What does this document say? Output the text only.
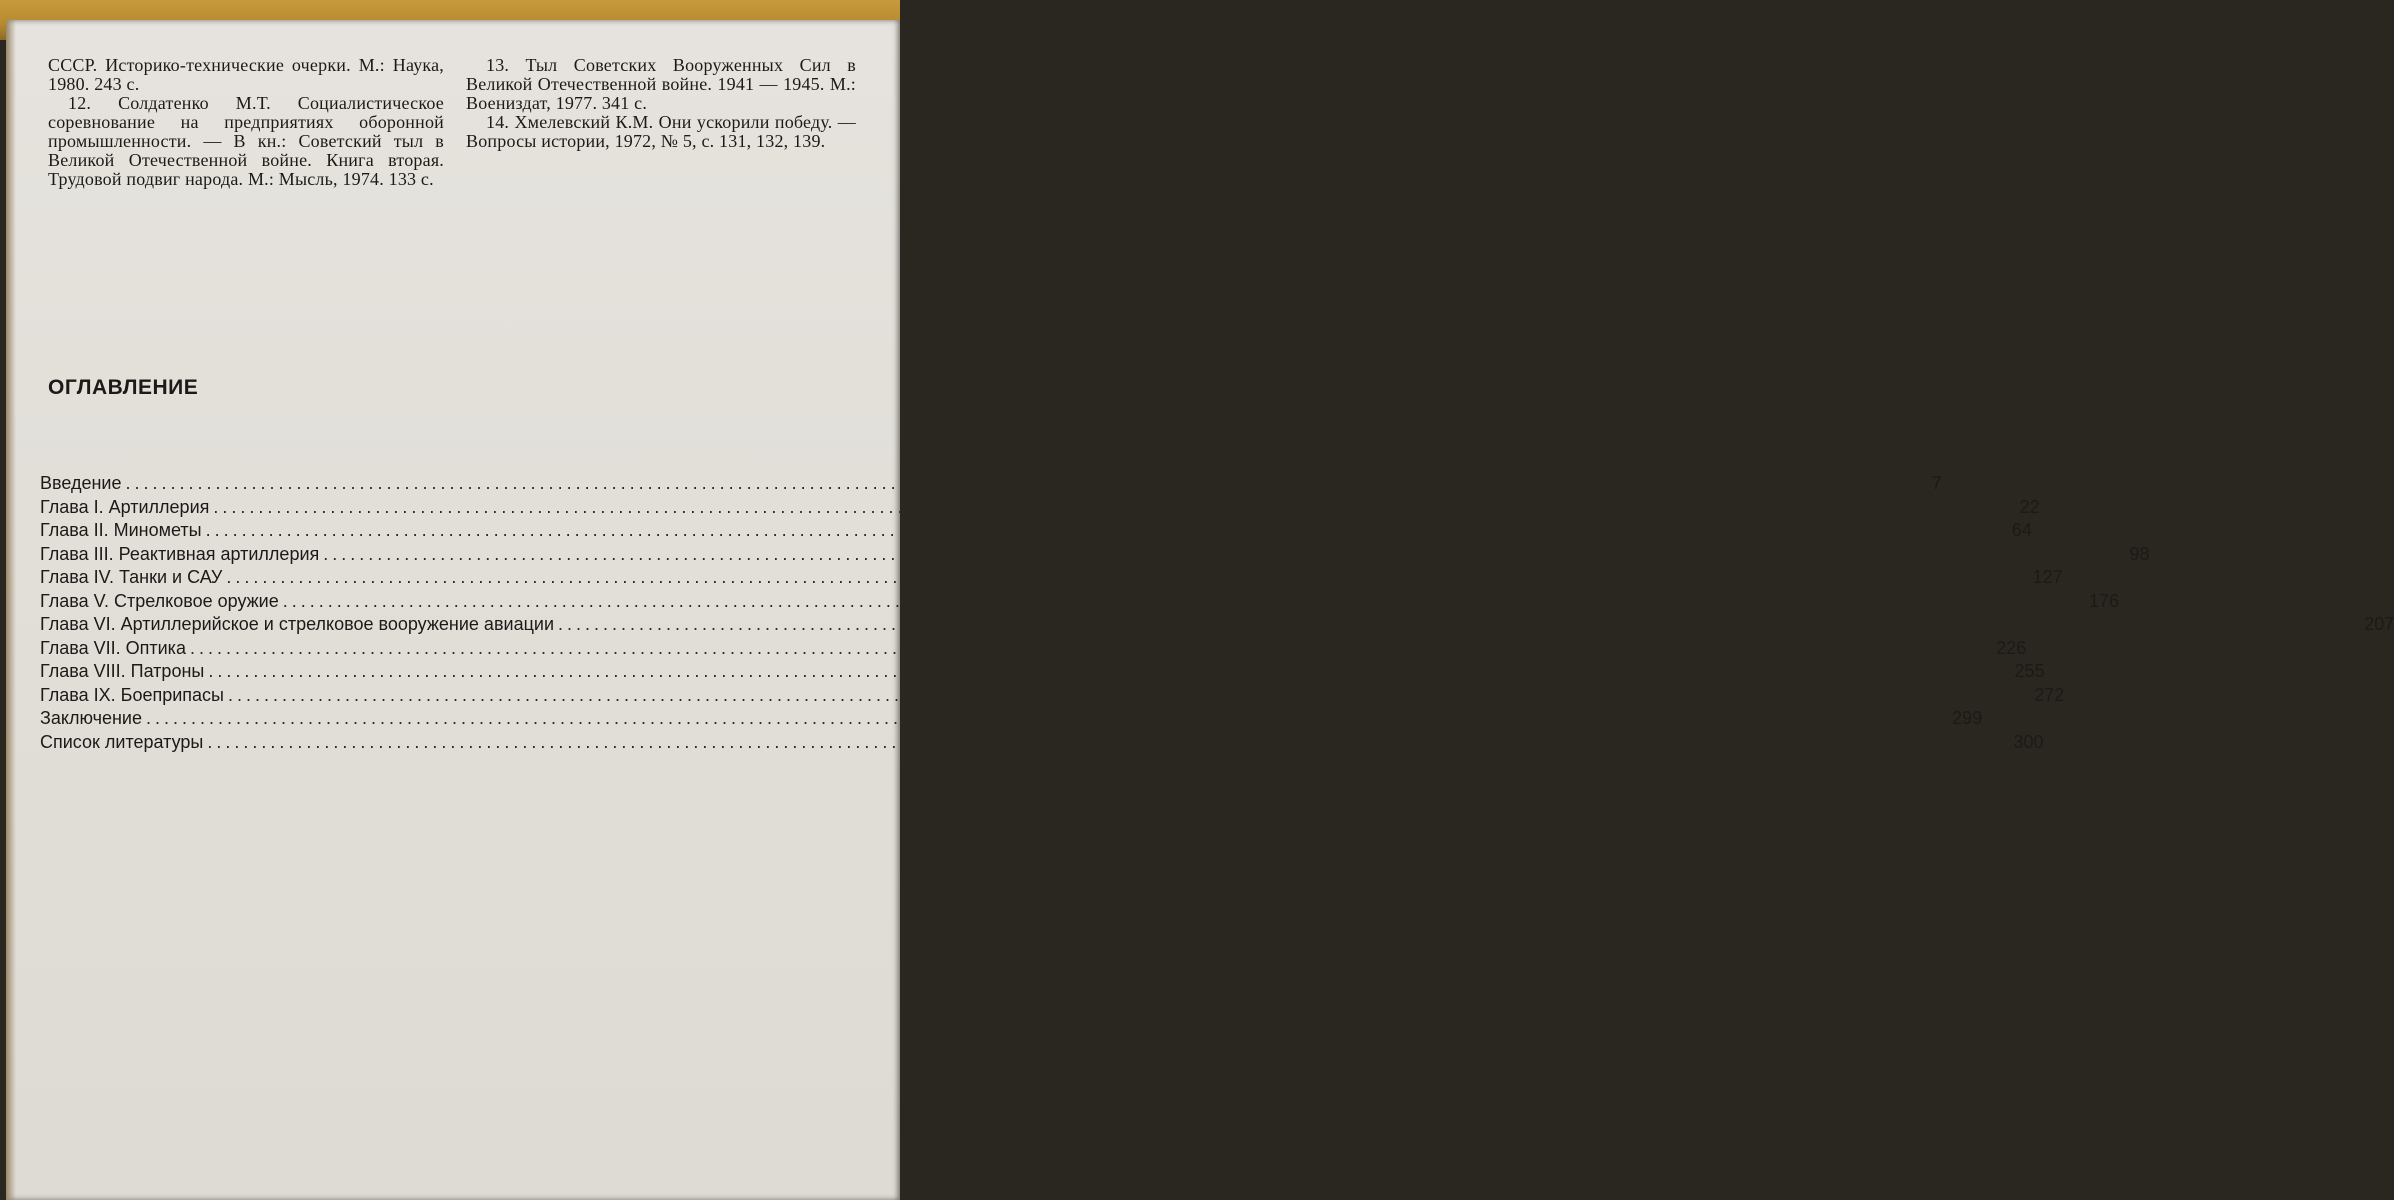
СССР. Историко-технические очерки. М.: Наука, 1980. 243 с.

12. Солдатенко М.Т. Социалистическое соревнование на предприятиях оборонной промышленности. — В кн.: Советский тыл в Великой Отечественной войне. Книга вторая. Трудовой подвиг народа. М.: Мысль, 1974. 133 с.

13. Тыл Советских Вооруженных Сил в Великой Отечественной войне. 1941 — 1945. М.: Воениздат, 1977. 341 с.

14. Хмелевский К.М. Они ускорили победу. — Вопросы истории, 1972, № 5, с. 131, 132, 139.

ОГЛАВЛЕНИЕ
Введение ........................................................................................................................................................................................................ 7
Глава I. Артиллерия ........................................................................................................................................................................................................ 22
Глава II. Минометы ........................................................................................................................................................................................................ 64
Глава III. Реактивная артиллерия ........................................................................................................................................................................................................ 98
Глава IV. Танки и САУ ........................................................................................................................................................................................................ 127
Глава V. Стрелковое оружие ........................................................................................................................................................................................................ 176
Глава VI. Артиллерийское и стрелковое вооружение авиации ........................................................................................................................................................................................................ 207
Глава VII. Оптика ........................................................................................................................................................................................................ 226
Глава VIII. Патроны ........................................................................................................................................................................................................ 255
Глава IX. Боеприпасы ........................................................................................................................................................................................................ 272
Заключение ........................................................................................................................................................................................................ 299
Список литературы ........................................................................................................................................................................................................ 300
